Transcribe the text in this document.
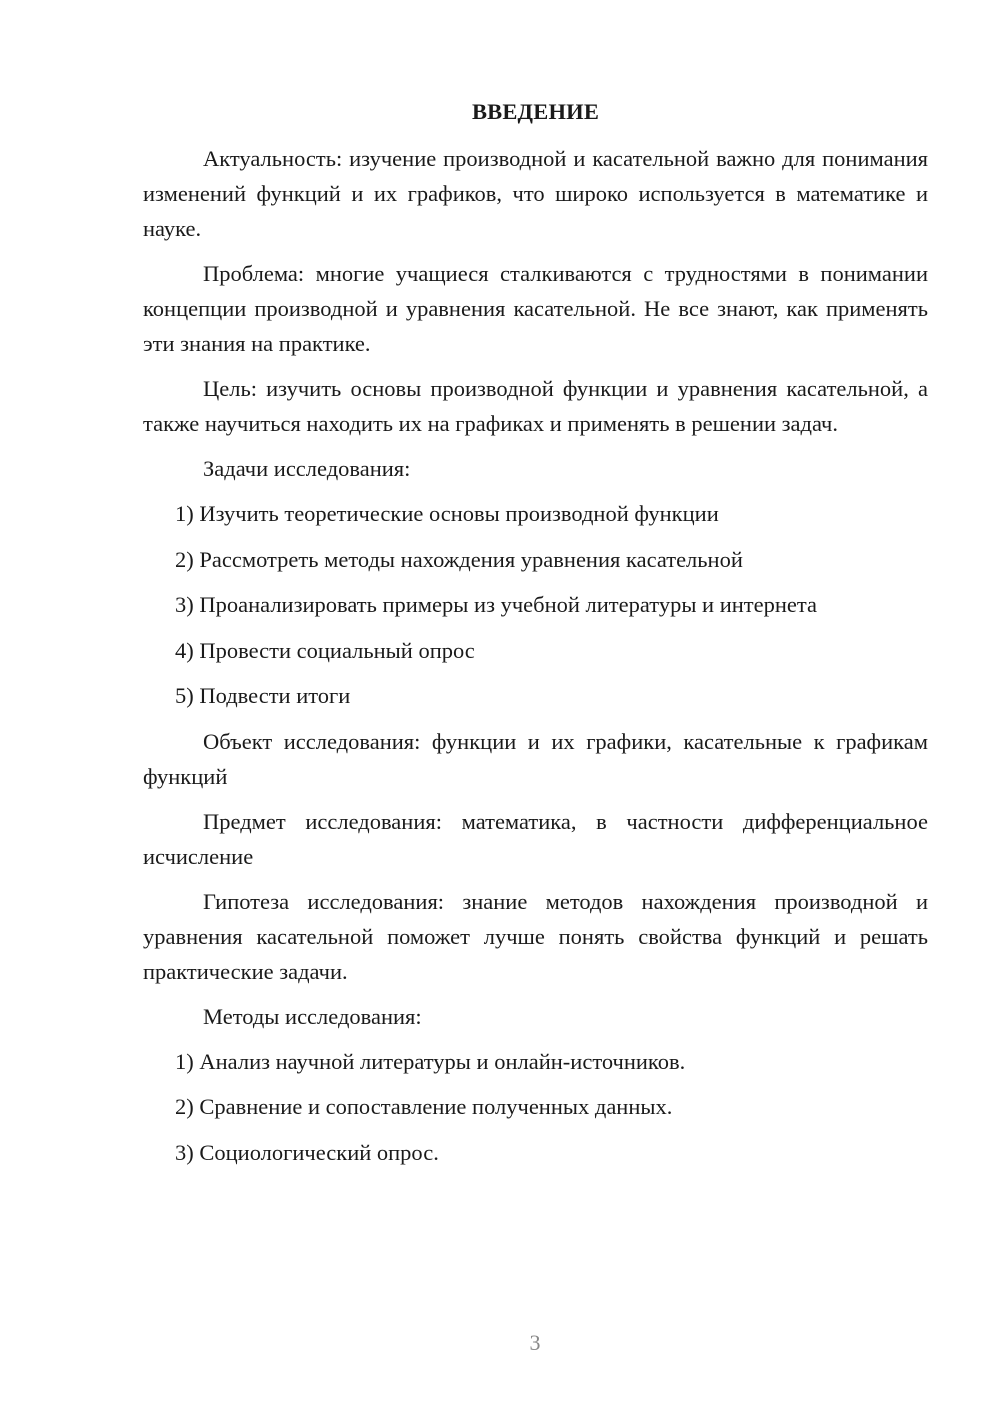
ВВЕДЕНИЕ

Актуальность: изучение производной и касательной важно для понимания изменений функций и их графиков, что широко используется в математике и науке.

Проблема: многие учащиеся сталкиваются с трудностями в понимании концепции производной и уравнения касательной. Не все знают, как применять эти знания на практике.

Цель: изучить основы производной функции и уравнения касательной, а также научиться находить их на графиках и применять в решении задач.

Задачи исследования:

1) Изучить теоретические основы производной функции
2) Рассмотреть методы нахождения уравнения касательной
3) Проанализировать примеры из учебной литературы и интернета
4) Провести социальный опрос
5) Подвести итоги

Объект исследования: функции и их графики, касательные к графикам функций

Предмет исследования: математика, в частности дифференциальное исчисление

Гипотеза исследования: знание методов нахождения производной и уравнения касательной поможет лучше понять свойства функций и решать практические задачи.

Методы исследования:

1) Анализ научной литературы и онлайн-источников.
2) Сравнение и сопоставление полученных данных.
3) Социологический опрос.
3
